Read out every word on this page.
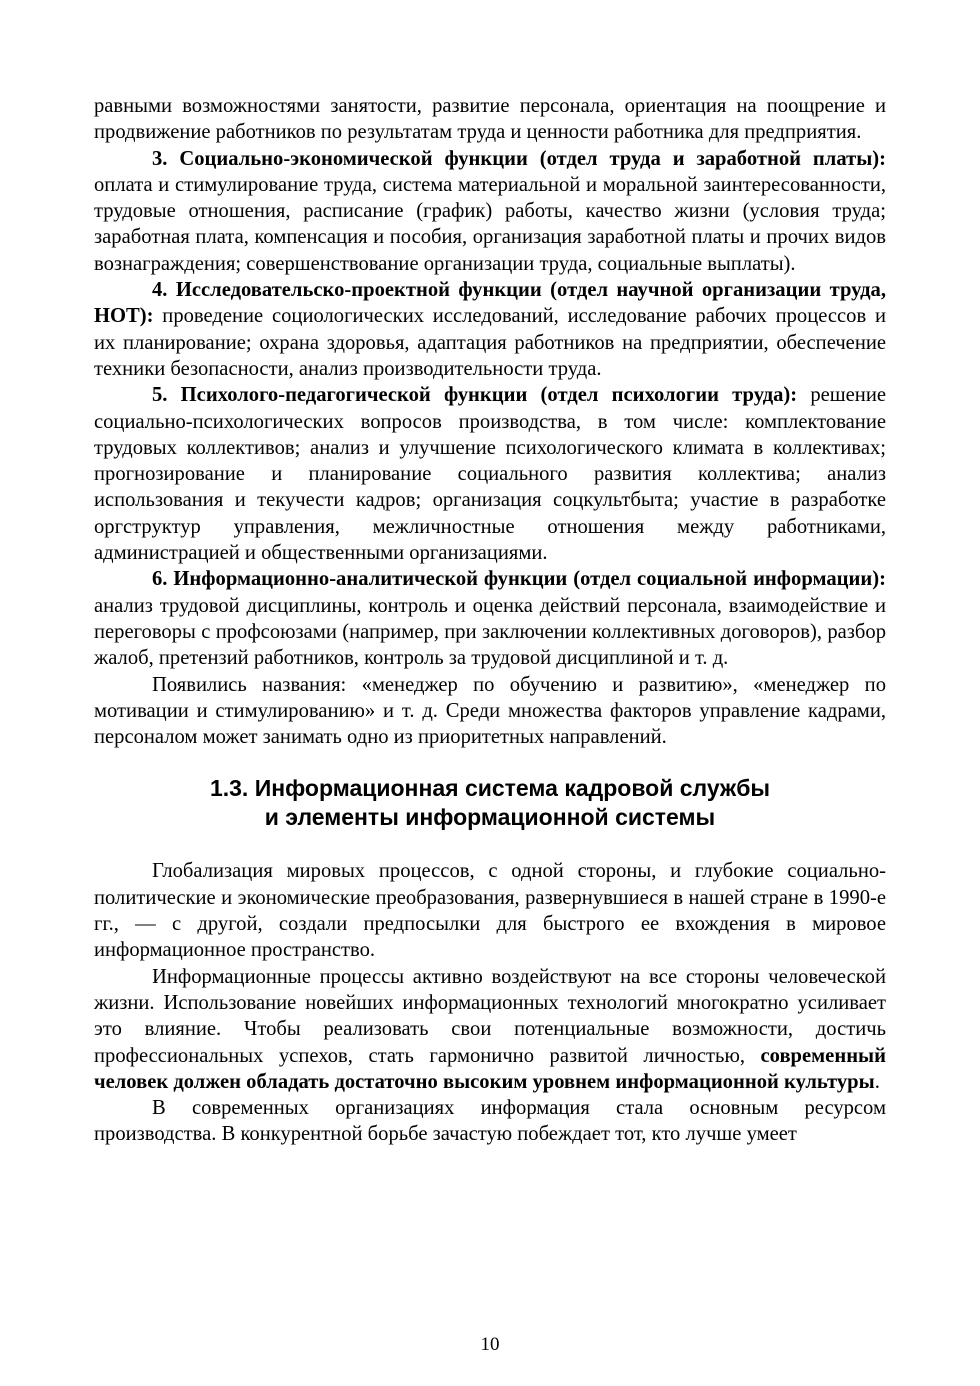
равными возможностями занятости, развитие персонала, ориентация на поощрение и продвижение работников по результатам труда и ценности работника для предприятия.

3. Социально-экономической функции (отдел труда и заработной платы): оплата и стимулирование труда, система материальной и моральной заинтересованности, трудовые отношения, расписание (график) работы, качество жизни (условия труда; заработная плата, компенсация и пособия, организация заработной платы и прочих видов вознаграждения; совершенствование организации труда, социальные выплаты).

4. Исследовательско-проектной функции (отдел научной организации труда, НОТ): проведение социологических исследований, исследование рабочих процессов и их планирование; охрана здоровья, адаптация работников на предприятии, обеспечение техники безопасности, анализ производительности труда.

5. Психолого-педагогической функции (отдел психологии труда): решение социально-психологических вопросов производства, в том числе: комплектование трудовых коллективов; анализ и улучшение психологического климата в коллективах; прогнозирование и планирование социального развития коллектива; анализ использования и текучести кадров; организация соцкультбыта; участие в разработке оргструктур управления, межличностные отношения между работниками, администрацией и общественными организациями.

6. Информационно-аналитической функции (отдел социальной информации): анализ трудовой дисциплины, контроль и оценка действий персонала, взаимодействие и переговоры с профсоюзами (например, при заключении коллективных договоров), разбор жалоб, претензий работников, контроль за трудовой дисциплиной и т. д.

Появились названия: «менеджер по обучению и развитию», «менеджер по мотивации и стимулированию» и т. д. Среди множества факторов управление кадрами, персоналом может занимать одно из приоритетных направлений.

1.3. Информационная система кадровой службы
и элементы информационной системы

Глобализация мировых процессов, с одной стороны, и глубокие социально-политические и экономические преобразования, развернувшиеся в нашей стране в 1990-е гг., — с другой, создали предпосылки для быстрого ее вхождения в мировое информационное пространство.

Информационные процессы активно воздействуют на все стороны человеческой жизни. Использование новейших информационных технологий многократно усиливает это влияние. Чтобы реализовать свои потенциальные возможности, достичь профессиональных успехов, стать гармонично развитой личностью, современный человек должен обладать достаточно высоким уровнем информационной культуры.

В современных организациях информация стала основным ресурсом производства. В конкурентной борьбе зачастую побеждает тот, кто лучше умеет

10
